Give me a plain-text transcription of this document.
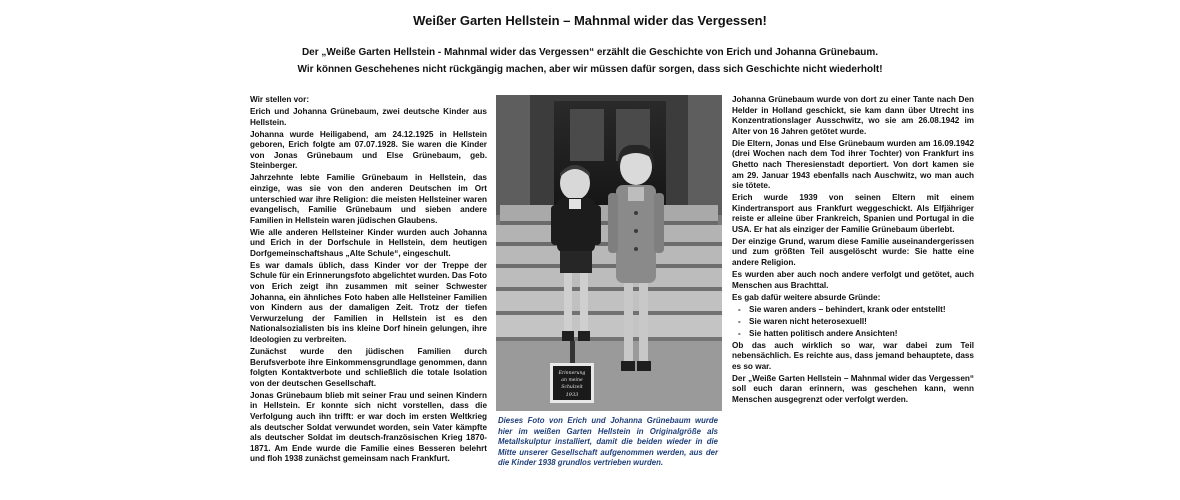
Weißer Garten Hellstein – Mahnmal wider das Vergessen!
Der „Weiße Garten Hellstein - Mahnmal wider das Vergessen“ erzählt die Geschichte von Erich und Johanna Grünebaum.
Wir können Geschehenes nicht rückgängig machen, aber wir müssen dafür sorgen, dass sich Geschichte nicht wiederholt!

Wir stellen vor:

Erich und Johanna Grünebaum, zwei deutsche Kinder aus Hellstein.

Johanna wurde Heiligabend, am 24.12.1925 in Hellstein geboren, Erich folgte am 07.07.1928. Sie waren die Kinder von Jonas Grünebaum und Else Grünebaum, geb. Steinberger.

Jahrzehnte lebte Familie Grünebaum in Hellstein, das einzige, was sie von den anderen Deutschen im Ort unterschied war ihre Religion: die meisten Hellsteiner waren evangelisch, Familie Grünebaum und sieben andere Familien in Hellstein waren jüdischen Glaubens.

Wie alle anderen Hellsteiner Kinder wurden auch Johanna und Erich in der Dorfschule in Hellstein, dem heutigen Dorfgemeinschaftshaus „Alte Schule“, eingeschult.

Es war damals üblich, dass Kinder vor der Treppe der Schule für ein Erinnerungsfoto abgelichtet wurden. Das Foto von Erich zeigt ihn zusammen mit seiner Schwester Johanna, ein ähnliches Foto haben alle Hellsteiner Familien von Kindern aus der damaligen Zeit. Trotz der tiefen Verwurzelung der Familien in Hellstein ist es den Nationalsozialisten bis ins kleine Dorf hinein gelungen, ihre Ideologien zu verbreiten.

Zunächst wurde den jüdischen Familien durch Berufsverbote ihre Einkommensgrundlage genommen, dann folgten Kontaktverbote und schließlich die totale Isolation von der deutschen Gesellschaft.

Jonas Grünebaum blieb mit seiner Frau und seinen Kindern in Hellstein. Er konnte sich nicht vorstellen, dass die Verfolgung auch ihn trifft: er war doch im ersten Weltkrieg als deutscher Soldat verwundet worden, sein Vater kämpfte als deutscher Soldat im deutsch-französischen Krieg 1870-1871. Am Ende wurde die Familie eines Besseren belehrt und floh 1938 zunächst gemeinsam nach Frankfurt.

Erinnerung
an meine
Schulzeit
1933
Dieses Foto von Erich und Johanna Grünebaum wurde hier im weißen Garten Hellstein in Originalgröße als Metallskulptur installiert, damit die beiden wieder in die Mitte unserer Gesellschaft aufgenommen werden, aus der die Kinder 1938 grundlos vertrieben wurden.

Johanna Grünebaum wurde von dort zu einer Tante nach Den Helder in Holland geschickt, sie kam dann über Utrecht ins Konzentrationslager Ausschwitz, wo sie am 26.08.1942 im Alter von 16 Jahren getötet wurde.

Die Eltern, Jonas und Else Grünebaum wurden am 16.09.1942 (drei Wochen nach dem Tod ihrer Tochter) von Frankfurt ins Ghetto nach Theresienstadt deportiert. Von dort kamen sie am 29. Januar 1943 ebenfalls nach Auschwitz, wo man auch sie tötete.

Erich wurde 1939 von seinen Eltern mit einem Kindertransport aus Frankfurt weggeschickt. Als Elfjähriger reiste er alleine über Frankreich, Spanien und Portugal in die USA. Er hat als einziger der Familie Grünebaum überlebt.

Der einzige Grund, warum diese Familie auseinandergerissen und zum größten Teil ausgelöscht wurde: Sie hatte eine andere Religion.

Es wurden aber auch noch andere verfolgt und getötet, auch Menschen aus Brachttal.

Es gab dafür weitere absurde Gründe:

- Sie waren anders – behindert, krank oder entstellt!
- Sie waren nicht heterosexuell!
- Sie hatten politisch andere Ansichten!

Ob das auch wirklich so war, war dabei zum Teil nebensächlich. Es reichte aus, dass jemand behauptete, dass es so war.

Der „Weiße Garten Hellstein – Mahnmal wider das Vergessen“ soll euch daran erinnern, was geschehen kann, wenn Menschen ausgegrenzt oder verfolgt werden.
